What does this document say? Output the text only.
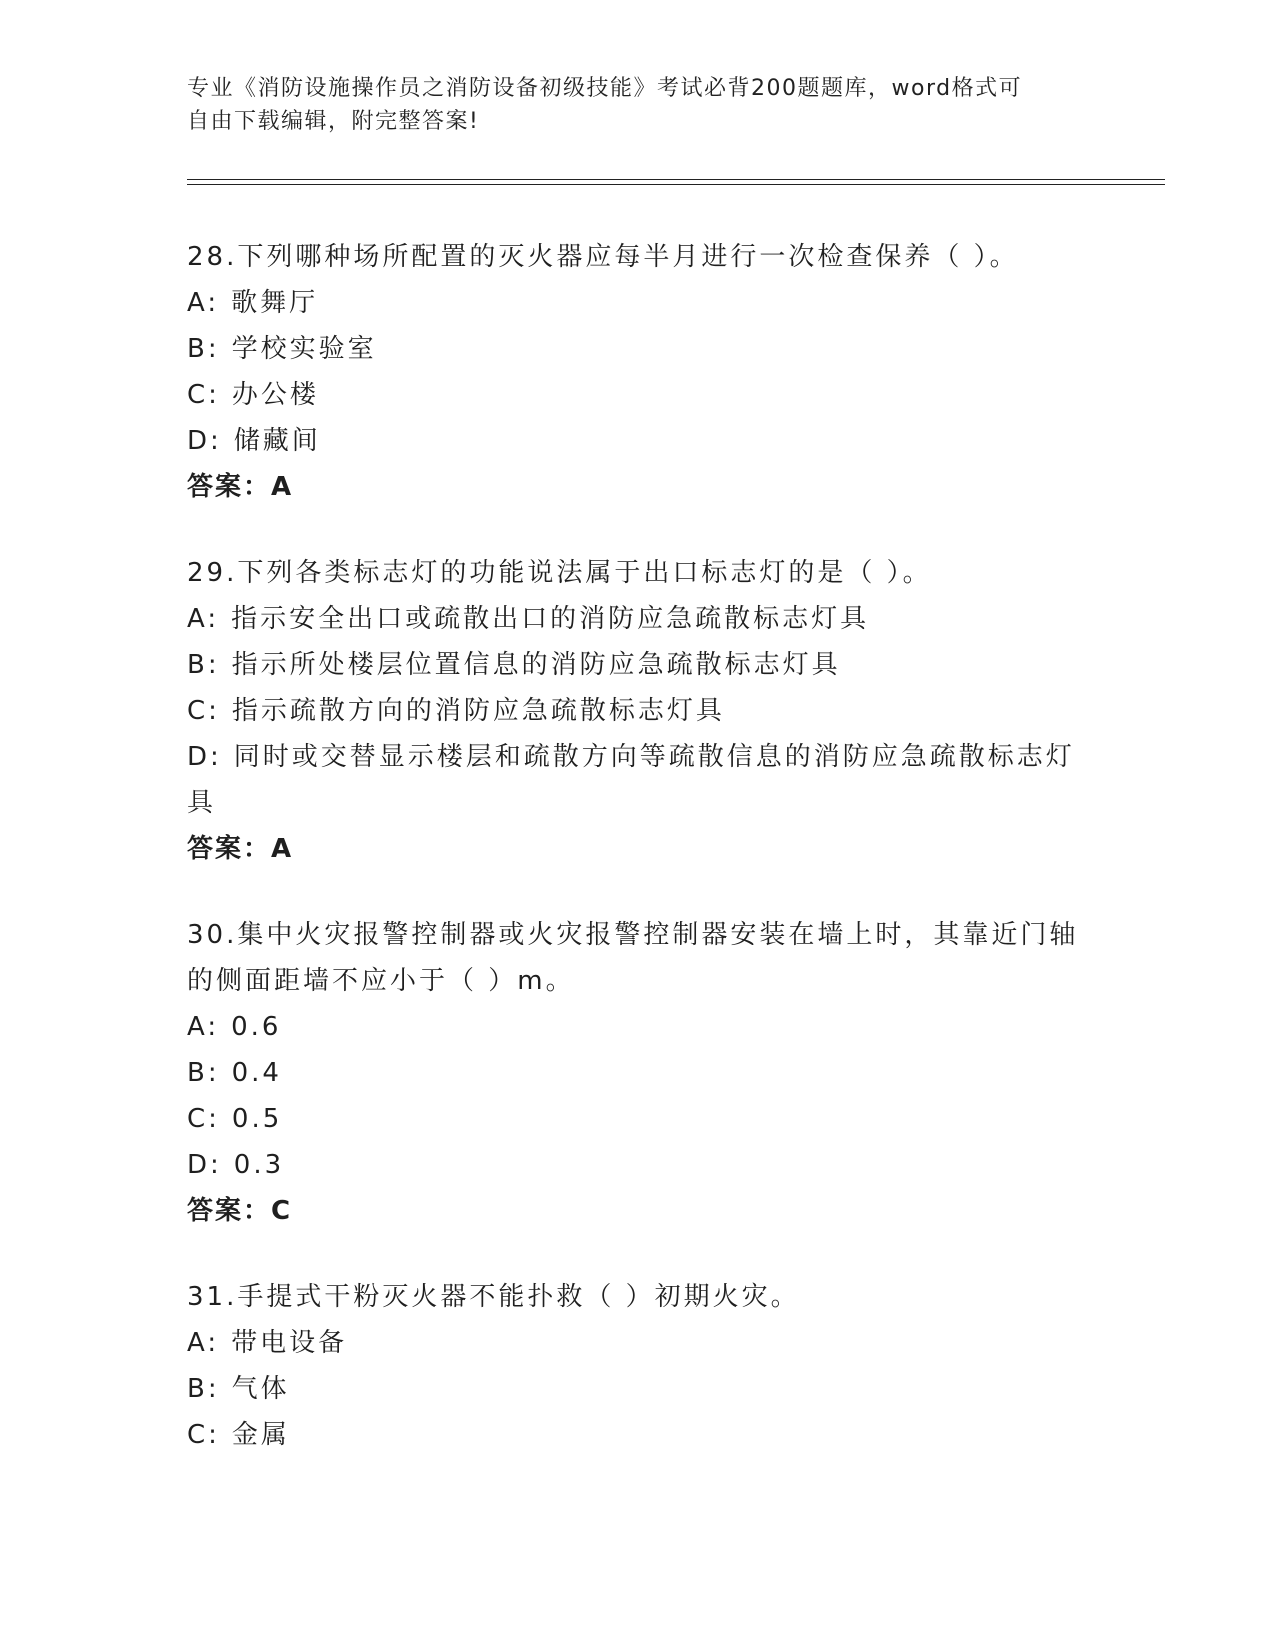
专业《消防设施操作员之消防设备初级技能》考试必背200题题库，word格式可
自由下载编辑，附完整答案!

28.下列哪种场所配置的灭火器应每半月进行一次检查保养（ ）。

A: 歌舞厅

B: 学校实验室

C: 办公楼

D: 储藏间

答案：A

29.下列各类标志灯的功能说法属于出口标志灯的是（ ）。

A: 指示安全出口或疏散出口的消防应急疏散标志灯具

B: 指示所处楼层位置信息的消防应急疏散标志灯具

C: 指示疏散方向的消防应急疏散标志灯具

D: 同时或交替显示楼层和疏散方向等疏散信息的消防应急疏散标志灯具

答案：A

30.集中火灾报警控制器或火灾报警控制器安装在墙上时，其靠近门轴的侧面距墙不应小于（ ）m。

A: 0.6

B: 0.4

C: 0.5

D: 0.3

答案：C

31.手提式干粉灭火器不能扑救（ ）初期火灾。

A: 带电设备

B: 气体

C: 金属
